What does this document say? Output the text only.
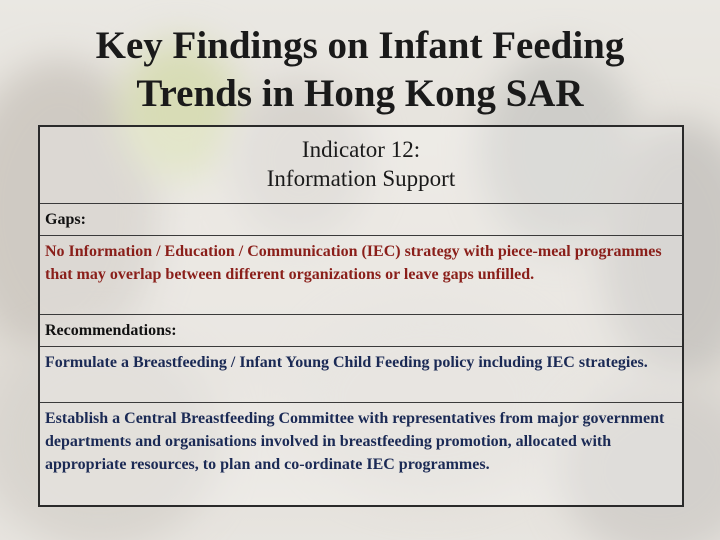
Key Findings on Infant Feeding
Trends in Hong Kong SAR
Indicator 12:
Information Support
Gaps:
No Information / Education / Communication (IEC) strategy with piece-meal programmes that may overlap between different organizations or leave gaps unfilled.
Recommendations:
Formulate a Breastfeeding / Infant Young Child Feeding policy including IEC strategies.
Establish a Central Breastfeeding Committee with representatives from major government departments and organisations involved in breastfeeding promotion, allocated with appropriate resources, to plan and co-ordinate IEC programmes.
